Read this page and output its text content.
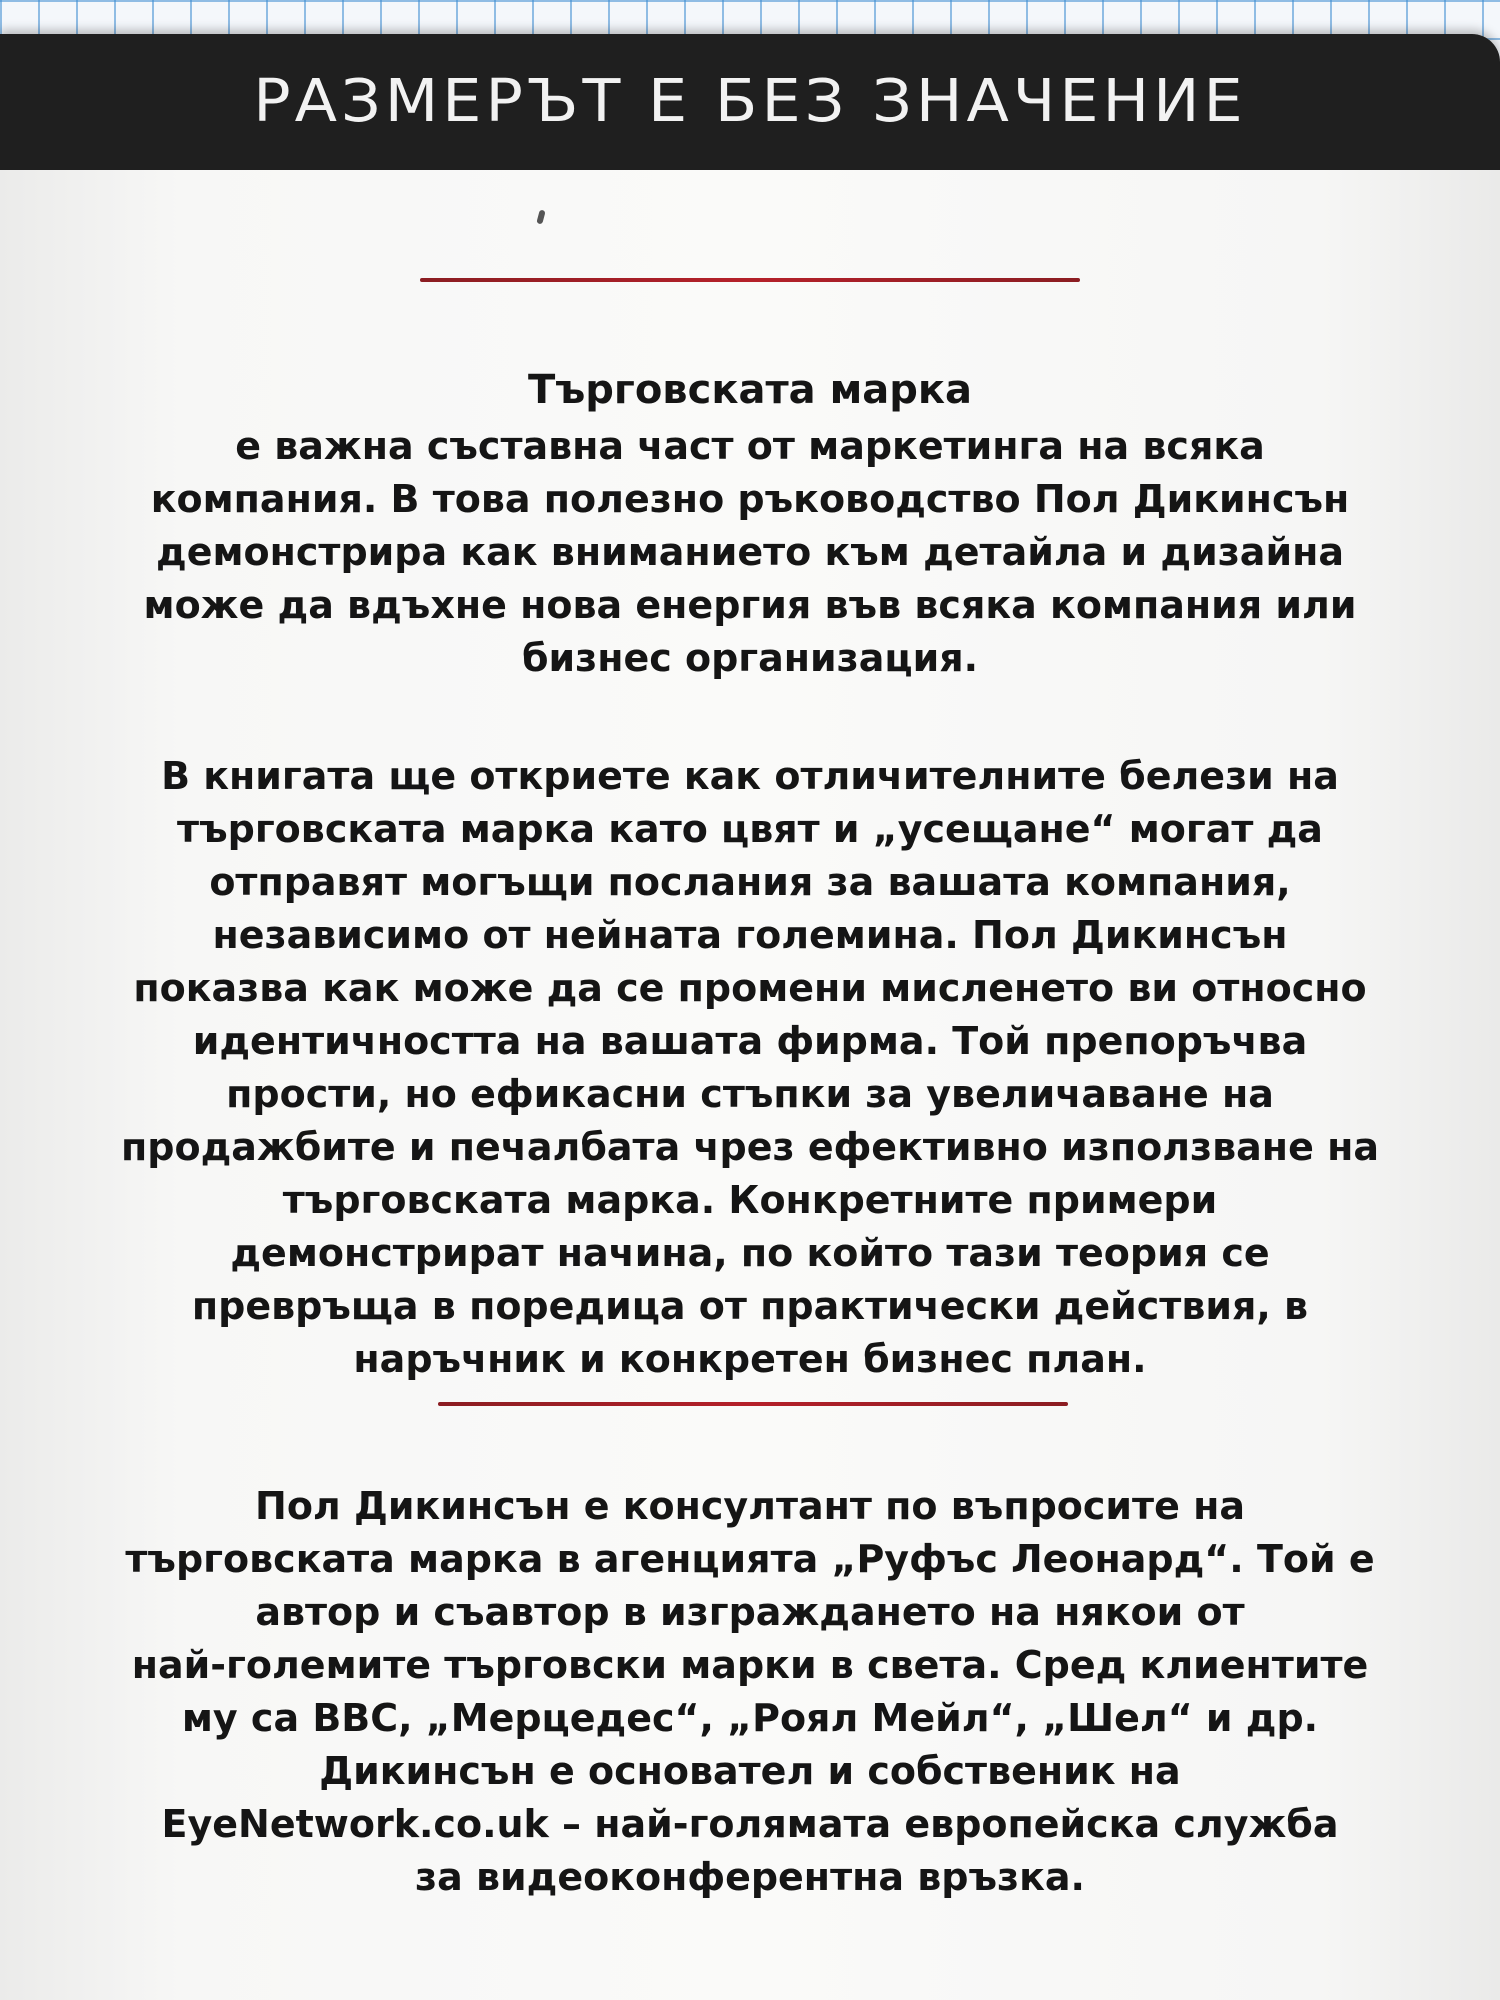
РАЗМЕРЪТ Е БЕЗ ЗНАЧЕНИЕ
Търговската марка
е важна съставна част от маркетинга на всяка
компания. В това полезно ръководство Пол Дикинсън
демонстрира как вниманието към детайла и дизайна
може да вдъхне нова енергия във всяка компания или
бизнес организация.
В книгата ще откриете как отличителните белези на
търговската марка като цвят и „усещане“ могат да
отправят могъщи послания за вашата компания,
независимо от нейната големина. Пол Дикинсън
показва как може да се промени мисленето ви относно
идентичността на вашата фирма. Той препоръчва
прости, но ефикасни стъпки за увеличаване на
продажбите и печалбата чрез ефективно използване на
търговската марка. Конкретните примери
демонстрират начина, по който тази теория се
превръща в поредица от практически действия, в
наръчник и конкретен бизнес план.
Пол Дикинсън е консултант по въпросите на
търговската марка в агенцията „Руфъс Леонард“. Той е
автор и съавтор в изграждането на някои от
най-големите търговски марки в света. Сред клиентите
му са ВВС, „Мерцедес“, „Роял Мейл“, „Шел“ и др.
Дикинсън е основател и собственик на
EyeNetwork.co.uk – най-голямата европейска служба
за видеоконферентна връзка.
